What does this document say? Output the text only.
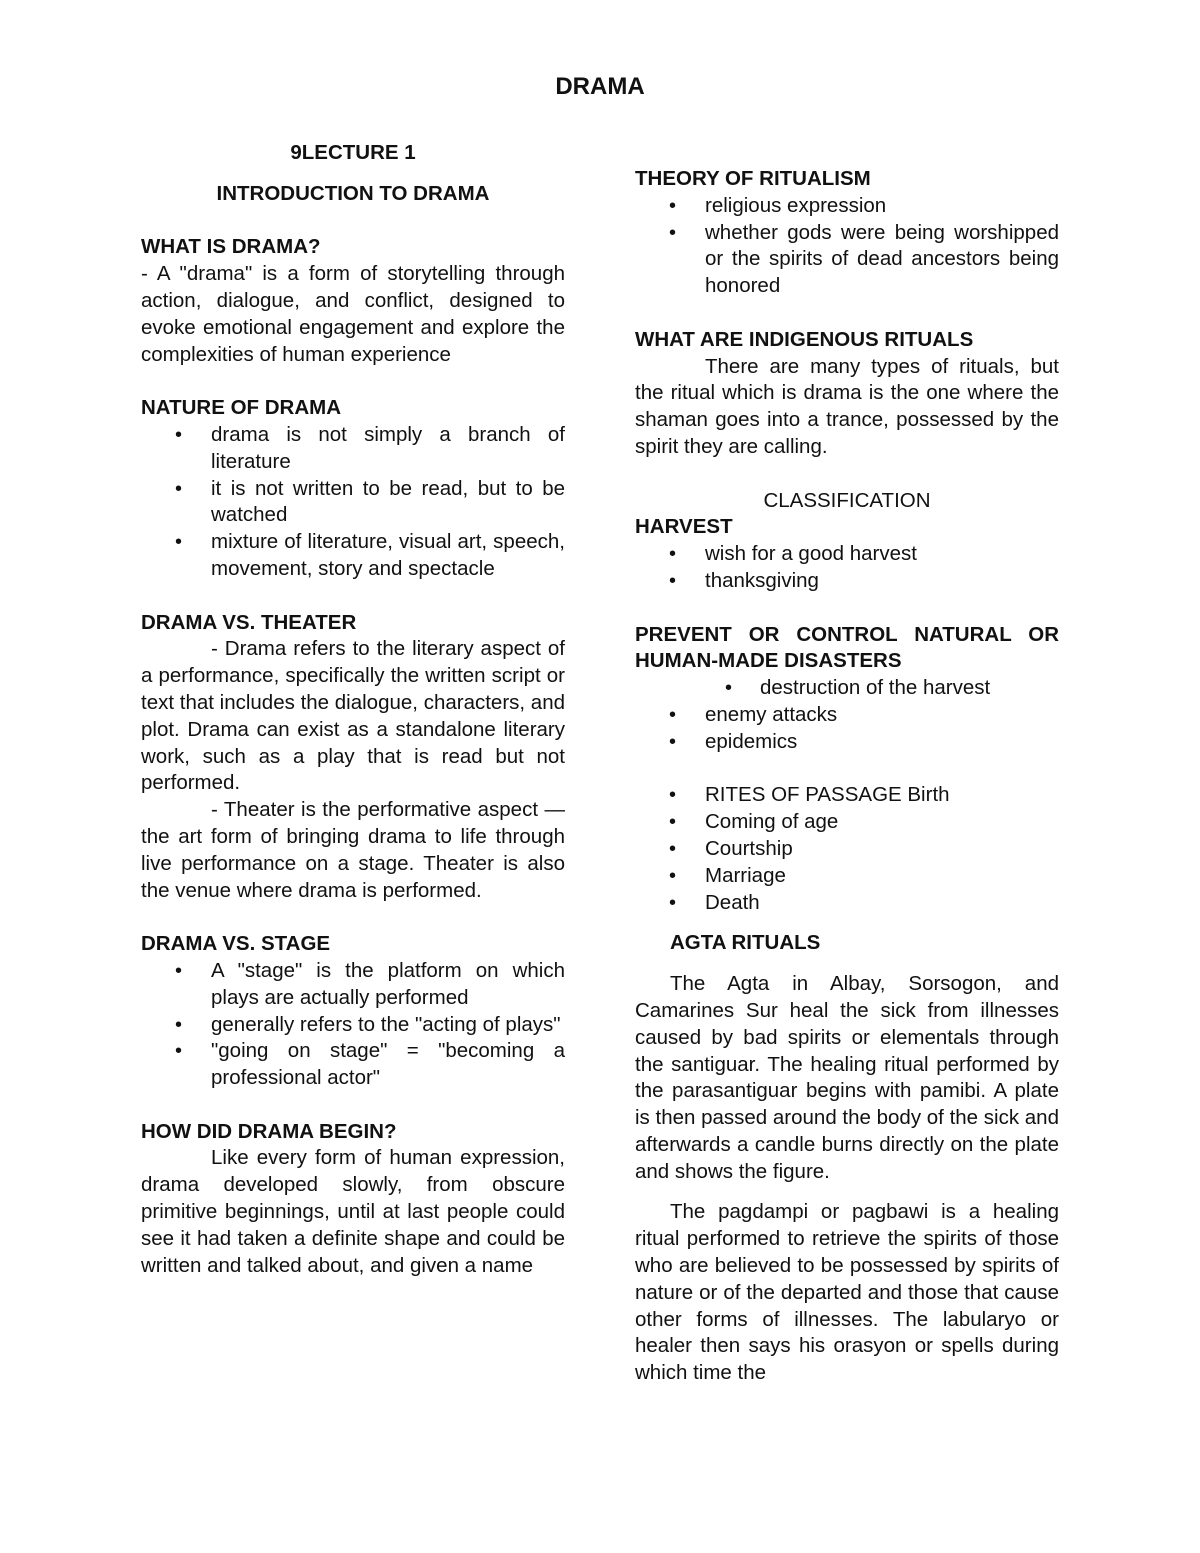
DRAMA

9LECTURE 1

INTRODUCTION TO DRAMA

WHAT IS DRAMA?

- A "drama" is a form of storytelling through action, dialogue, and conflict, designed to evoke emotional engagement and explore the complexities of human experience

NATURE OF DRAMA

• drama is not simply a branch of literature
• it is not written to be read, but to be watched
• mixture of literature, visual art, speech, movement, story and spectacle

DRAMA VS. THEATER

- Drama refers to the literary aspect of a performance, specifically the written script or text that includes the dialogue, characters, and plot. Drama can exist as a standalone literary work, such as a play that is read but not performed.

- Theater is the performative aspect —the art form of bringing drama to life through live performance on a stage. Theater is also the venue where drama is performed.

DRAMA VS. STAGE

• A "stage" is the platform on which plays are actually performed
• generally refers to the "acting of plays"
• "going on stage" = "becoming a professional actor"

HOW DID DRAMA BEGIN?

Like every form of human expression, drama developed slowly, from obscure primitive beginnings, until at last people could see it had taken a definite shape and could be written and talked about, and given a name

THEORY OF RITUALISM

• religious expression
• whether gods were being worshipped or the spirits of dead ancestors being honored

WHAT ARE INDIGENOUS RITUALS

There are many types of rituals, but the ritual which is drama is the one where the shaman goes into a trance, possessed by the spirit they are calling.

CLASSIFICATION

HARVEST

• wish for a good harvest
• thanksgiving

PREVENT OR CONTROL NATURAL OR HUMAN-MADE DISASTERS

• destruction of the harvest
• enemy attacks
• epidemics
• RITES OF PASSAGE Birth
• Coming of age
• Courtship
• Marriage
• Death

AGTA RITUALS

The Agta in Albay, Sorsogon, and Camarines Sur heal the sick from illnesses caused by bad spirits or elementals through the santiguar. The healing ritual performed by the parasantiguar begins with pamibi. A plate is then passed around the body of the sick and afterwards a candle burns directly on the plate and shows the figure.

The pagdampi or pagbawi is a healing ritual performed to retrieve the spirits of those who are believed to be possessed by spirits of nature or of the departed and those that cause other forms of illnesses. The labularyo or healer then says his orasyon or spells during which time the
